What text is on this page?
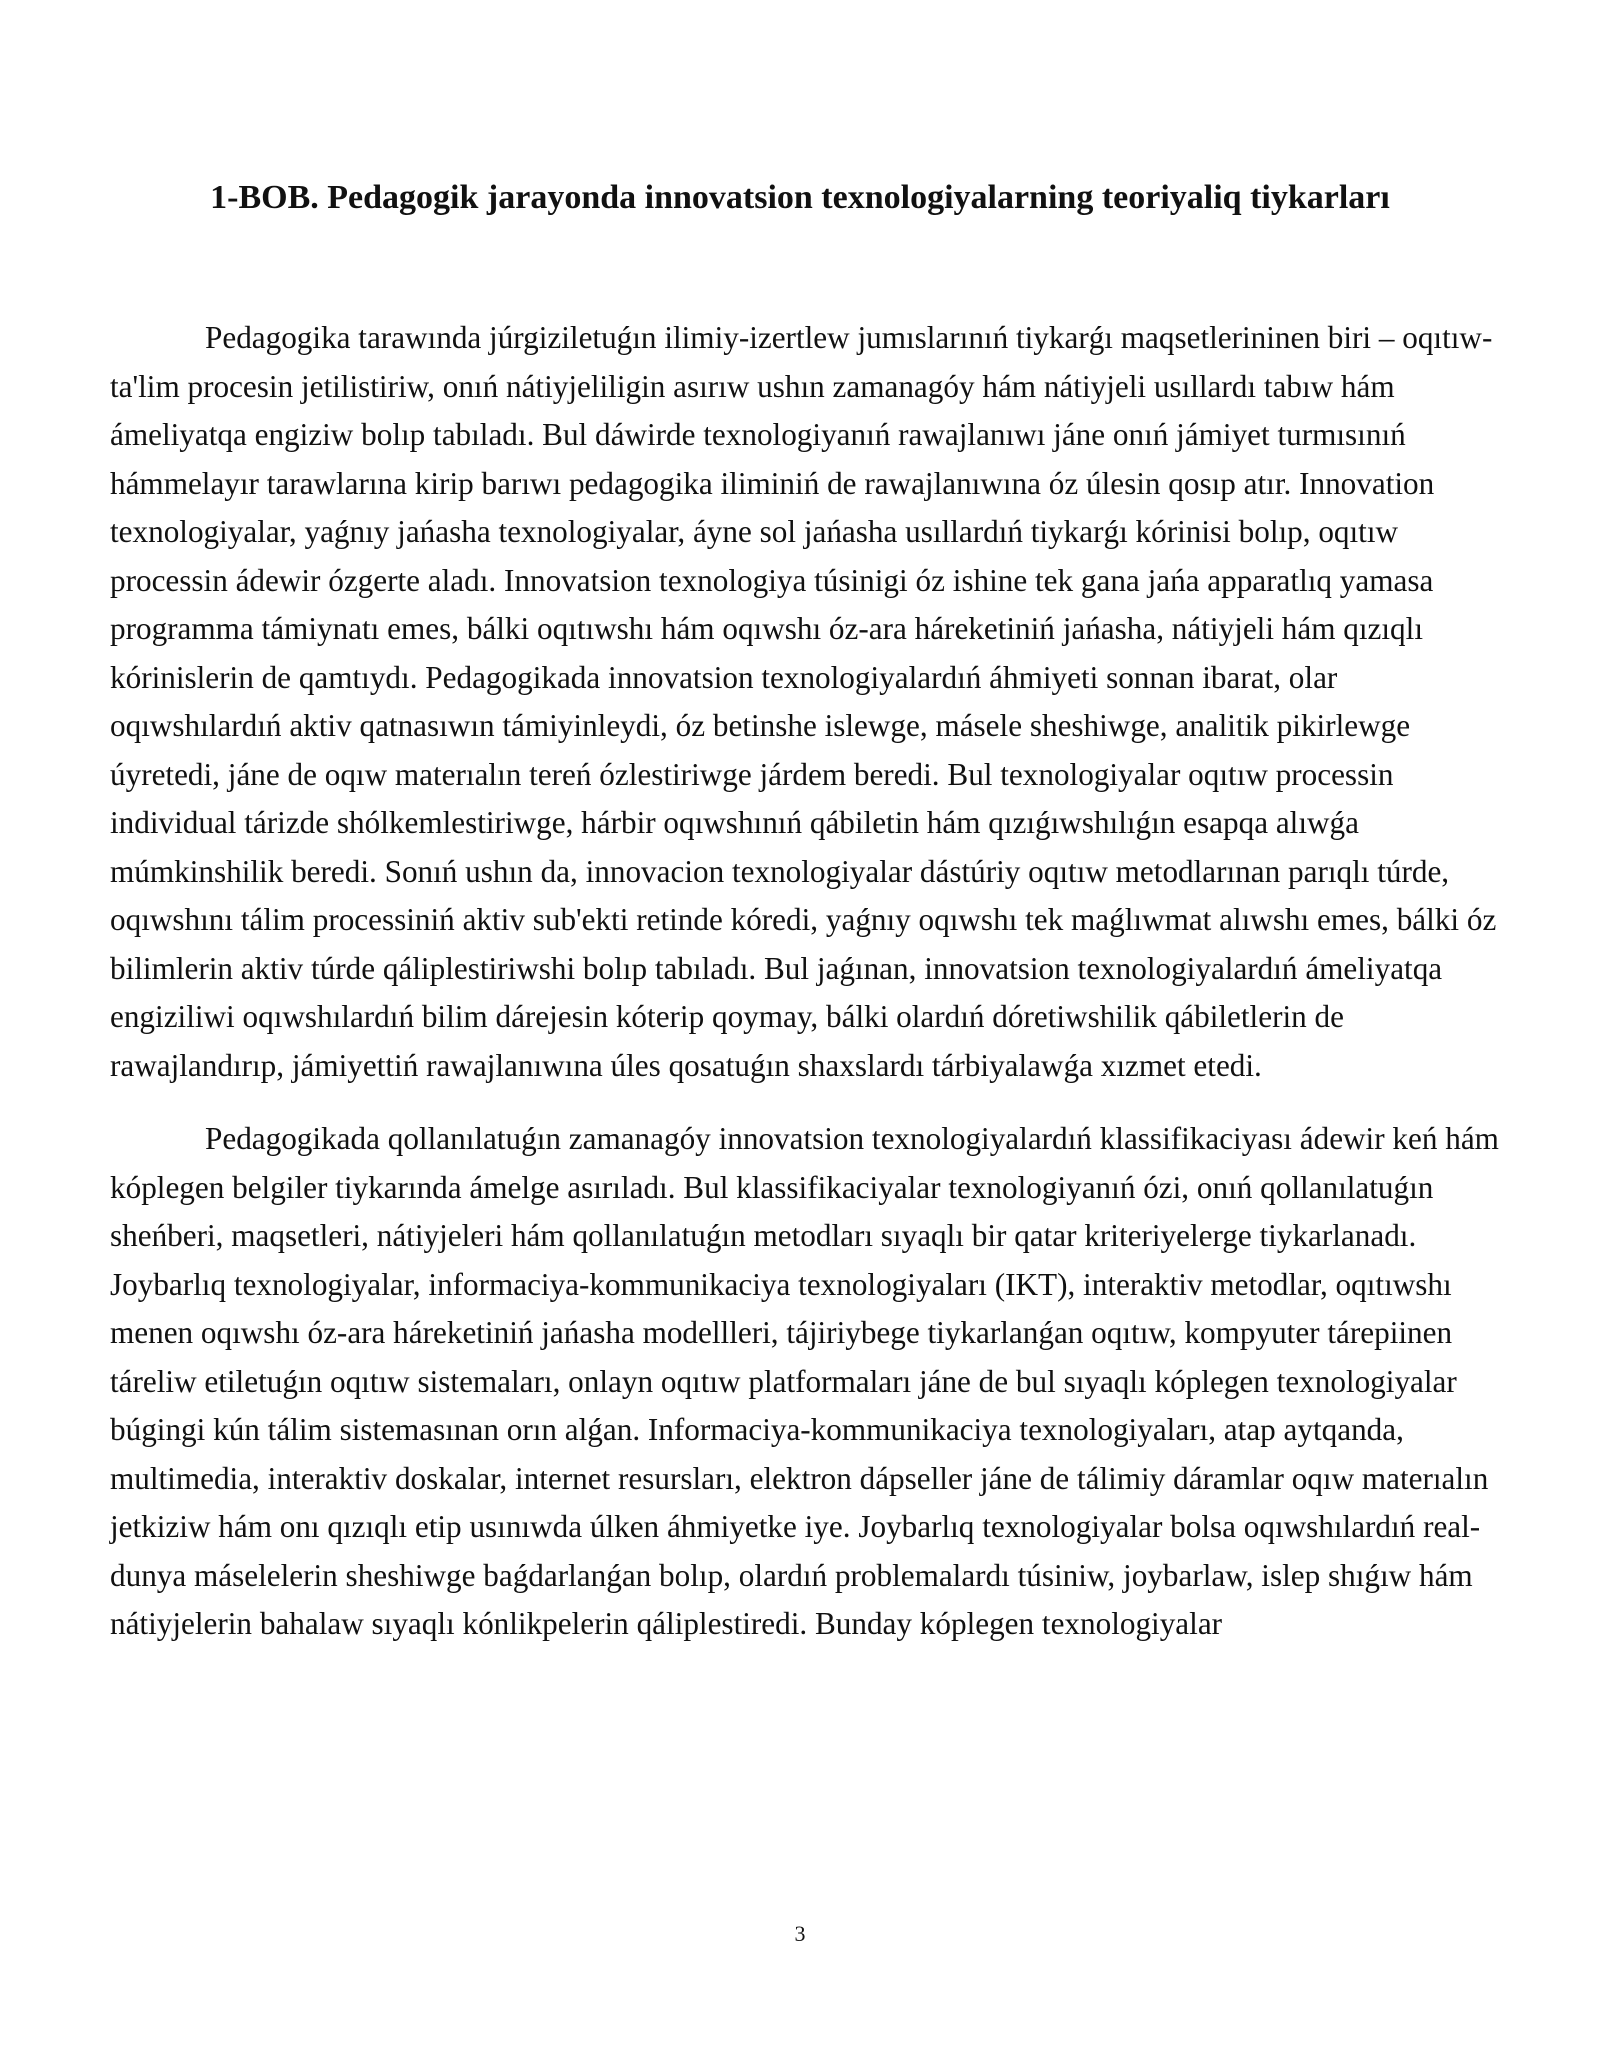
1-BOB. Pedagogik jarayonda innovatsion texnologiyalarning teoriyaliq tiykarları

Pedagogika tarawında júrgiziletuǵın ilimiy-izertlew jumıslarınıń tiykarǵı maqsetlerininen biri – oqıtıw-ta'lim procesin jetilistiriw, onıń nátiyjeliligin asırıw ushın zamanagóy hám nátiyjeli usıllardı tabıw hám ámeliyatqa engiziw bolıp tabıladı. Bul dáwirde texnologiyanıń rawajlanıwı jáne onıń jámiyet turmısınıń hámmelayır tarawlarına kirip barıwı pedagogika iliminiń de rawajlanıwına óz úlesin qosıp atır. Innovation texnologiyalar, yaǵnıy jańasha texnologiyalar, áyne sol jańasha usıllardıń tiykarǵı kórinisi bolıp, oqıtıw processin ádewir ózgerte aladı. Innovatsion texnologiya túsinigi óz ishine tek gana jańa apparatlıq yamasa programma támiynatı emes, bálki oqıtıwshı hám oqıwshı óz-ara háreketiniń jańasha, nátiyjeli hám qızıqlı kórinislerin de qamtıydı. Pedagogikada innovatsion texnologiyalardıń áhmiyeti sonnan ibarat, olar oqıwshılardıń aktiv qatnasıwın támiyinleydi, óz betinshe islewge, másele sheshiwge, analitik pikirlewge úyretedi, jáne de oqıw materıalın tereń ózlestiriwge járdem beredi. Bul texnologiyalar oqıtıw processin individual tárizde shólkemlestiriwge, hárbir oqıwshınıń qábiletin hám qızıǵıwshılıǵın esapqa alıwǵa múmkinshilik beredi. Sonıń ushın da, innovacion texnologiyalar dástúriy oqıtıw metodlarınan parıqlı túrde, oqıwshını tálim processiniń aktiv sub'ekti retinde kóredi, yaǵnıy oqıwshı tek maǵlıwmat alıwshı emes, bálki óz bilimlerin aktiv túrde qáliplestiriwshi bolıp tabıladı. Bul jaǵınan, innovatsion texnologiyalardıń ámeliyatqa engiziliwi oqıwshılardıń bilim dárejesin kóterip qoymay, bálki olardıń dóretiwshilik qábiletlerin de rawajlandırıp, jámiyettiń rawajlanıwına úles qosatuǵın shaxslardı tárbiyalawǵa xızmet etedi.

Pedagogikada qollanılatuǵın zamanagóy innovatsion texnologiyalardıń klassifikaciyası ádewir keń hám kóplegen belgiler tiykarında ámelge asırıladı. Bul klassifikaciyalar texnologiyanıń ózi, onıń qollanılatuǵın sheńberi, maqsetleri, nátiyjeleri hám qollanılatuǵın metodları sıyaqlı bir qatar kriteriyelerge tiykarlanadı. Joybarlıq texnologiyalar, informaciya-kommunikaciya texnologiyaları (IKT), interaktiv metodlar, oqıtıwshı menen oqıwshı óz-ara háreketiniń jańasha modellleri, tájiriybege tiykarlanǵan oqıtıw, kompyuter tárepiinen táreliw etiletuǵın oqıtıw sistemaları, onlayn oqıtıw platformaları jáne de bul sıyaqlı kóplegen texnologiyalar búgingi kún tálim sistemasınan orın alǵan. Informaciya-kommunikaciya texnologiyaları, atap aytqanda, multimedia, interaktiv doskalar, internet resursları, elektron dápseller jáne de tálimiy dáramlar oqıw materıalın jetkiziw hám onı qızıqlı etip usınıwda úlken áhmiyetke iye. Joybarlıq texnologiyalar bolsa oqıwshılardıń real-dunya máselelerin sheshiwge baǵdarlanǵan bolıp, olardıń problemalardı túsiniw, joybarlaw, islep shıǵıw hám nátiyjelerin bahalaw sıyaqlı kónlikpelerin qáliplestiredi. Bunday kóplegen texnologiyalar

3
